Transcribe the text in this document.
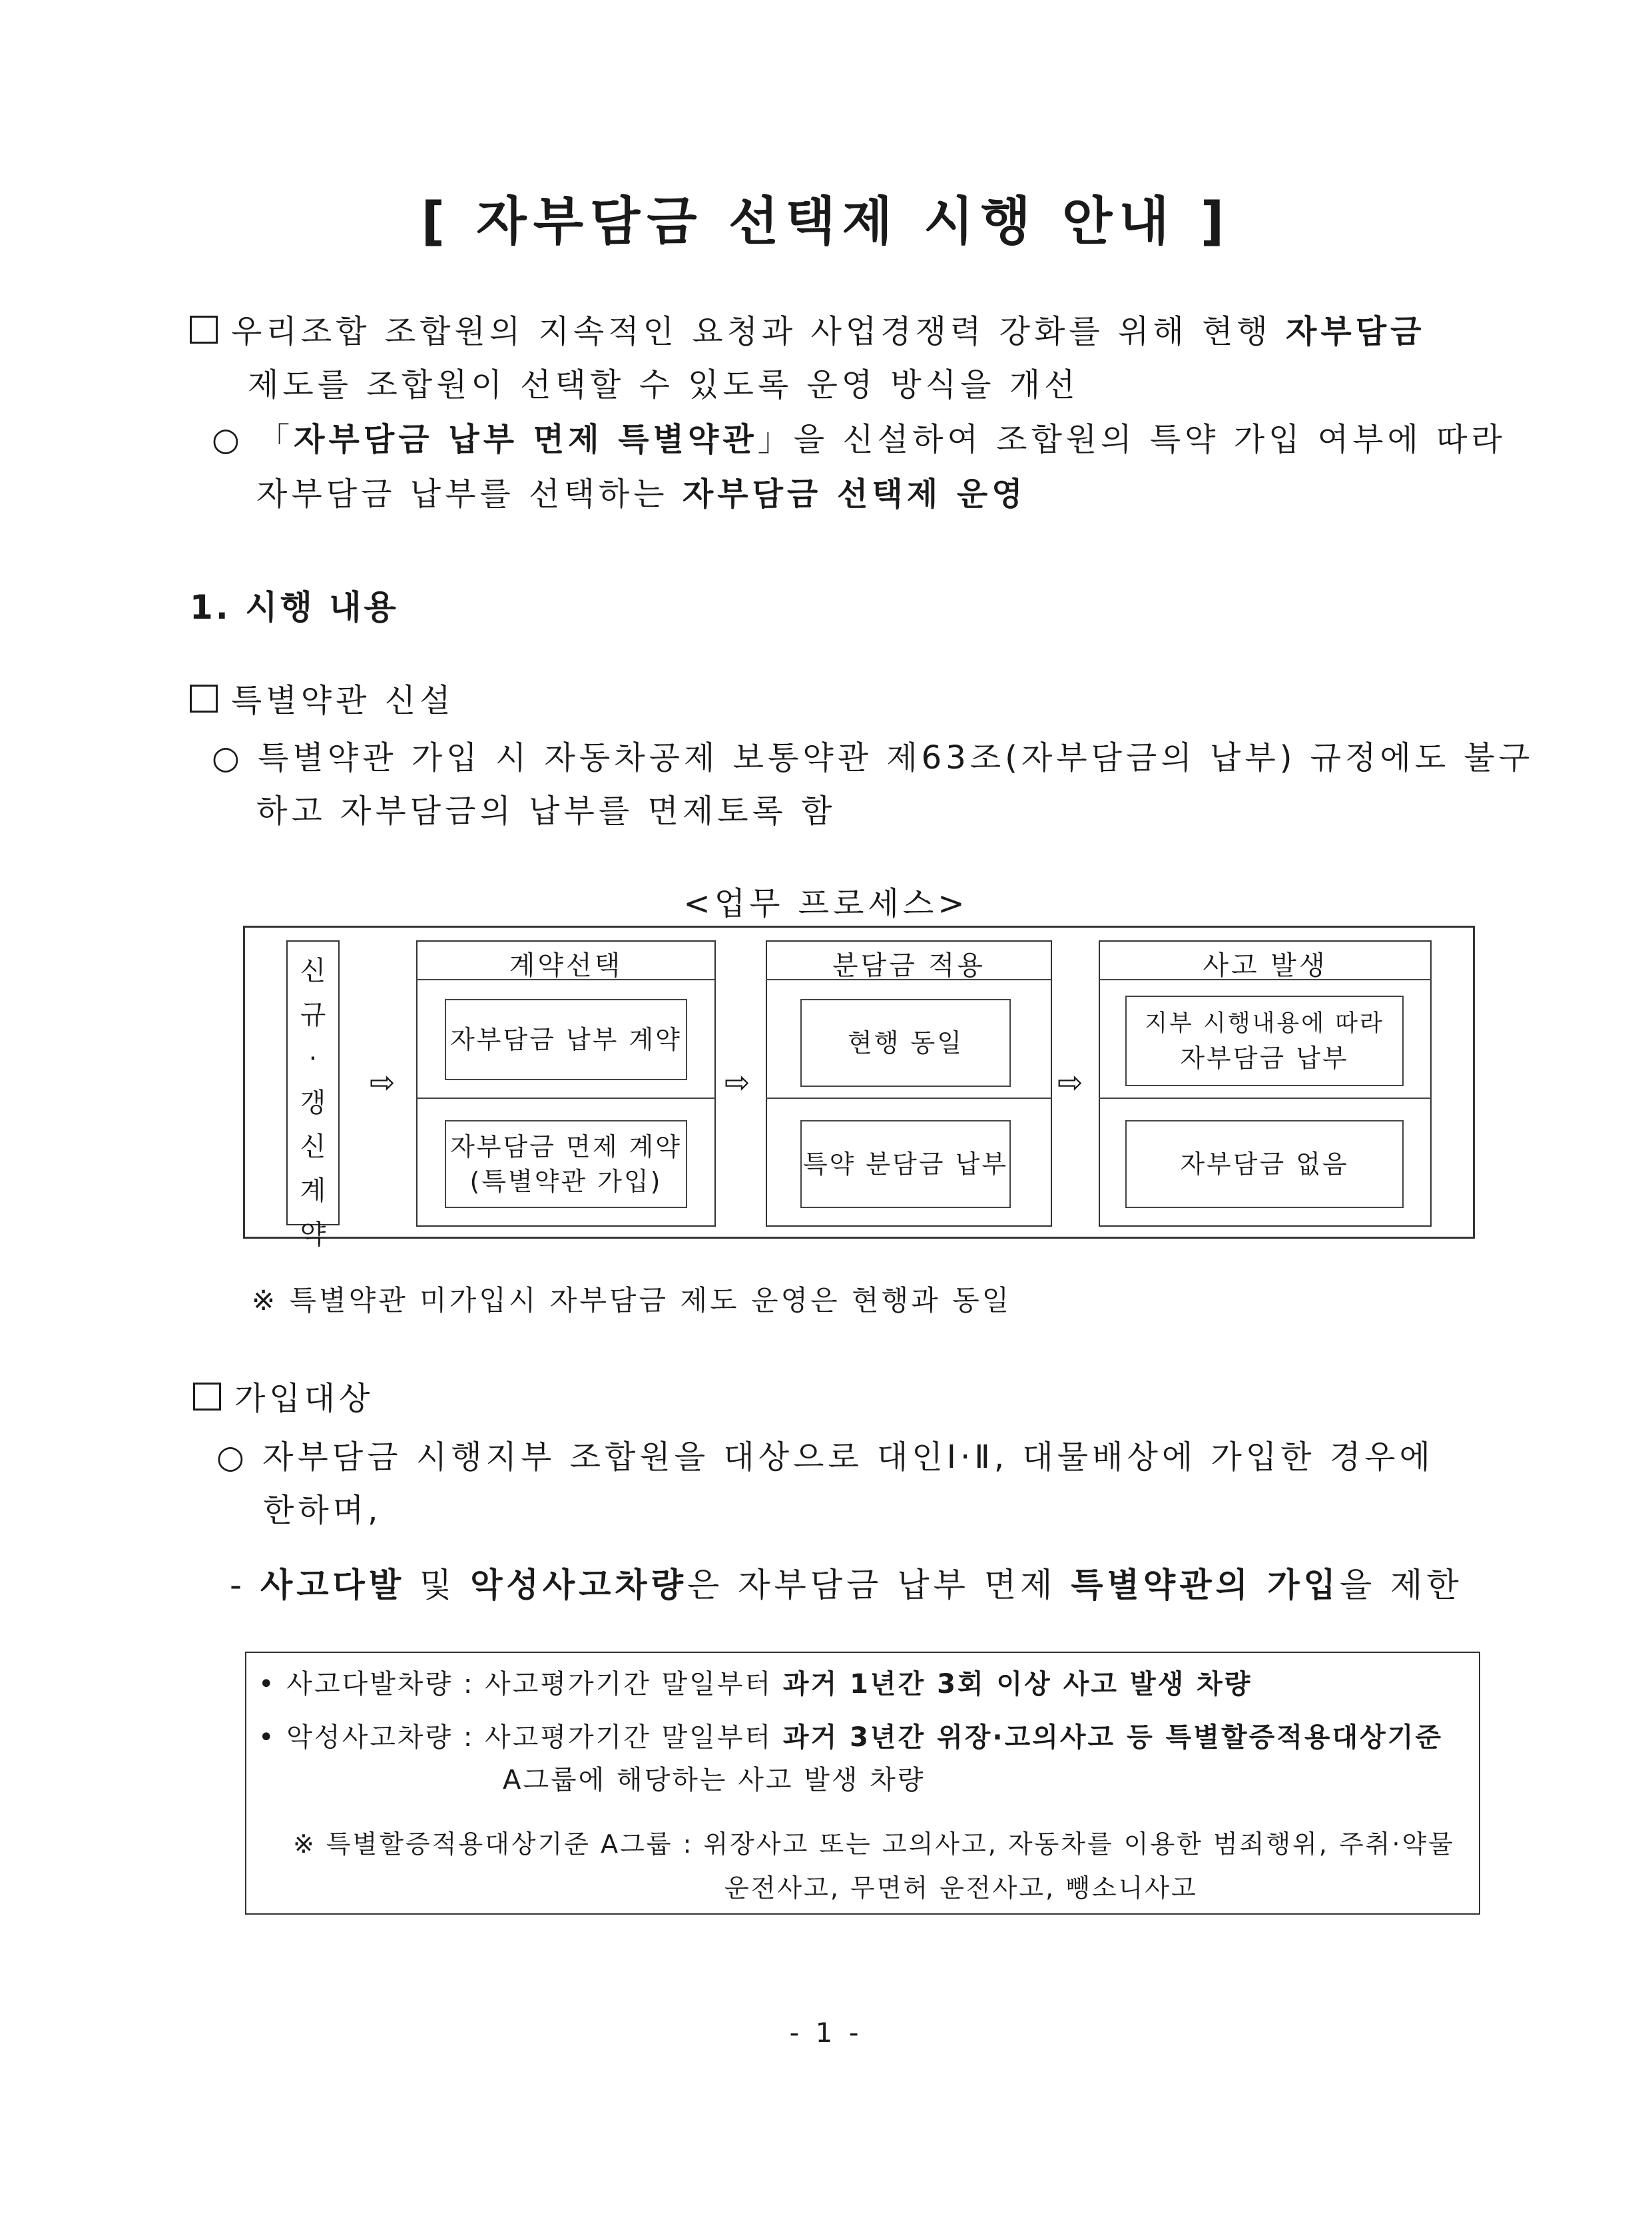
[ 자부담금 선택제 시행 안내 ]
우리조합 조합원의 지속적인 요청과 사업경쟁력 강화를 위해 현행 자부담금
제도를 조합원이 선택할 수 있도록 운영 방식을 개선
○ 「자부담금 납부 면제 특별약관」을 신설하여 조합원의 특약 가입 여부에 따라
자부담금 납부를 선택하는 자부담금 선택제 운영
1. 시행 내용
특별약관 신설
○ 특별약관 가입 시 자동차공제 보통약관 제63조(자부담금의 납부) 규정에도 불구
하고 자부담금의 납부를 면제토록 함
<업무 프로세스>
신
규
·
갱
신
계
약
⇨
계약선택
자부담금 납부 계약
자부담금 면제 계약
(특별약관 가입)
⇨
분담금 적용
현행 동일
특약 분담금 납부
⇨
사고 발생
지부 시행내용에 따라
자부담금 납부
자부담금 없음
※ 특별약관 미가입시 자부담금 제도 운영은 현행과 동일
가입대상
○ 자부담금 시행지부 조합원을 대상으로 대인Ⅰ·Ⅱ, 대물배상에 가입한 경우에
한하며,
- 사고다발 및 악성사고차량은 자부담금 납부 면제 특별약관의 가입을 제한
• 사고다발차량 : 사고평가기간 말일부터 과거 1년간 3회 이상 사고 발생 차량
• 악성사고차량 : 사고평가기간 말일부터 과거 3년간 위장·고의사고 등 특별할증적용대상기준
A그룹에 해당하는 사고 발생 차량
※ 특별할증적용대상기준 A그룹 : 위장사고 또는 고의사고, 자동차를 이용한 범죄행위, 주취·약물
운전사고, 무면허 운전사고, 뺑소니사고
- 1 -
